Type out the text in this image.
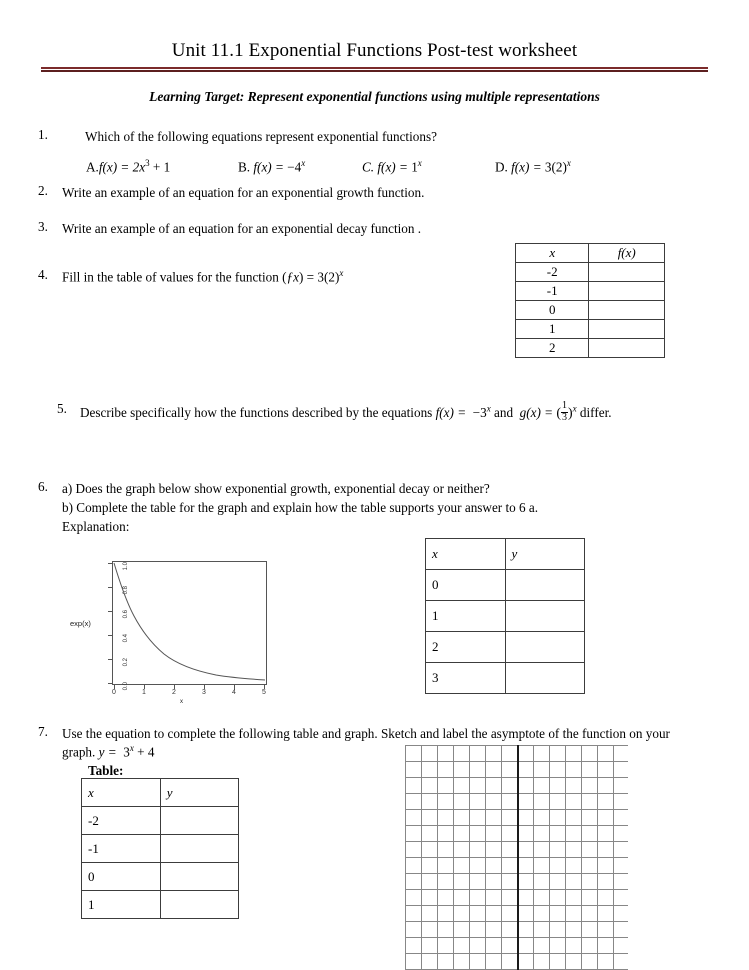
Unit 11.1 Exponential Functions Post-test worksheet
Learning Target: Represent exponential functions using multiple representations
1.	Which of the following equations represent exponential functions?
$A.f(x) = 2x^3 + 1$	B. $f(x) = -4^x$	C. $f(x) = 1^x$	D. $f(x) = 3(2)^x$
2. Write an example of an equation for an exponential growth function.
3. Write an example of an equation for an exponential decay function .
4. Fill in the table of values for the function (ƒx) = $3(2)^x$
x	f(x)
-2	
-1	
0	
1	
2	
5. Describe specifically how the functions described by the equations $f(x) = -3^x$ and  g(x) = ( $\frac{1}{3} )^x$ differ.
6. a) Does the graph below show exponential growth, exponential decay or neither?
b) Complete the table for the graph and explain how the table supports your answer to 6 a.
Explanation:
exp(x)
1.0
0.8
0.6
0.4
0.2
0.0
0	1	2	3	4	5
x
x	y
0	
1	
2	
3	
7. Use the equation to complete the following table and graph. Sketch and label the asymptote of the function on your
graph. $y = 3^x + 4$
Table:
x	y
-2	
-1	
0	
1	
